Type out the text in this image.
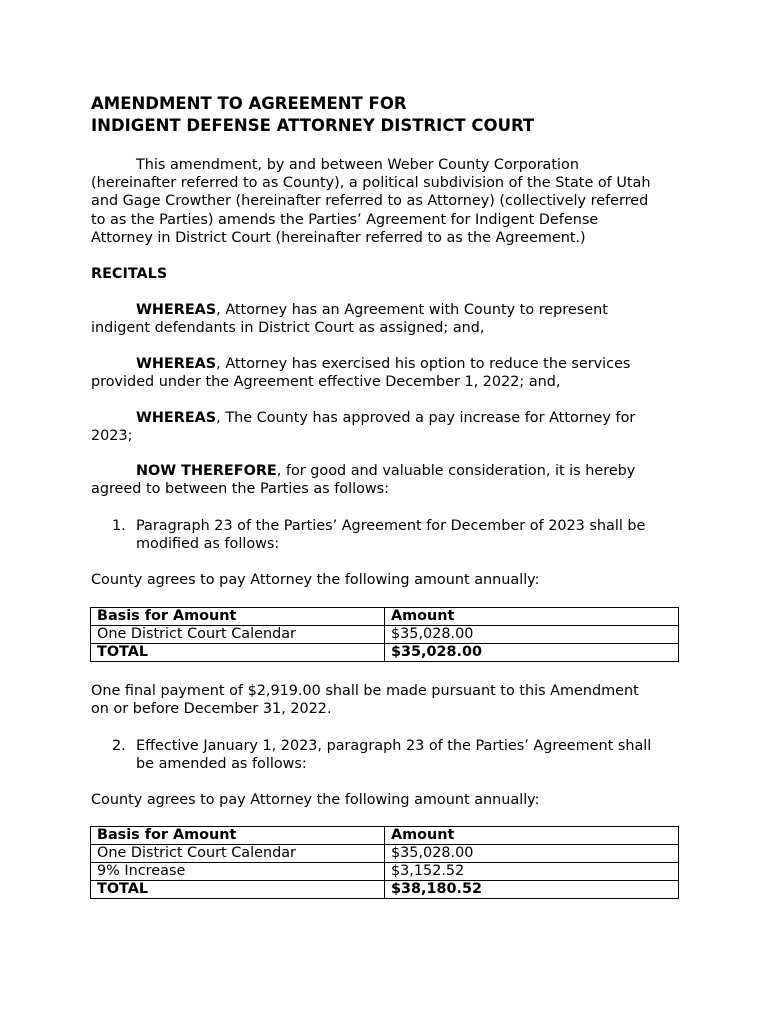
AMENDMENT TO AGREEMENT FOR
INDIGENT DEFENSE ATTORNEY DISTRICT COURT

This amendment, by and between Weber County Corporation
(hereinafter referred to as County), a political subdivision of the State of Utah
and Gage Crowther (hereinafter referred to as Attorney) (collectively referred
to as the Parties) amends the Parties’ Agreement for Indigent Defense
Attorney in District Court (hereinafter referred to as the Agreement.)

RECITALS

WHEREAS, Attorney has an Agreement with County to represent
indigent defendants in District Court as assigned; and,

WHEREAS, Attorney has exercised his option to reduce the services
provided under the Agreement effective December 1, 2022; and,

WHEREAS, The County has approved a pay increase for Attorney for
2023;

NOW THEREFORE, for good and valuable consideration, it is hereby
agreed to between the Parties as follows:

1. Paragraph 23 of the Parties’ Agreement for December of 2023 shall be
modified as follows:

County agrees to pay Attorney the following amount annually:

Basis for Amount	Amount
One District Court Calendar	$35,028.00
TOTAL	$35,028.00

One final payment of $2,919.00 shall be made pursuant to this Amendment
on or before December 31, 2022.

2. Effective January 1, 2023, paragraph 23 of the Parties’ Agreement shall
be amended as follows:

County agrees to pay Attorney the following amount annually:

Basis for Amount	Amount
One District Court Calendar	$35,028.00
9% Increase	$3,152.52
TOTAL	$38,180.52
